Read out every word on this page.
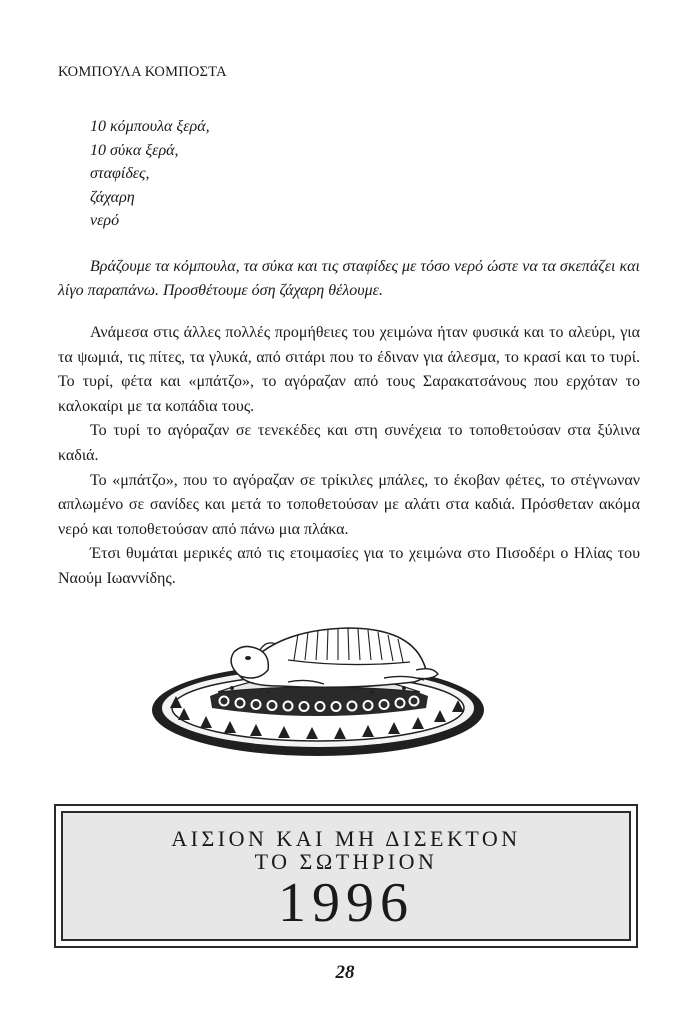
ΚΟΜΠΟΥΛΑ ΚΟΜΠΟΣΤΑ
10 κόμπουλα ξερά,
10 σύκα ξερά,
σταφίδες,
ζάχαρη
νερό

Βράζουμε τα κόμπουλα, τα σύκα και τις σταφίδες με τόσο νερό ώστε να τα σκεπάζει και λίγο παραπάνω. Προσθέτουμε όση ζάχαρη θέλουμε.

Ανάμεσα στις άλλες πολλές προμήθειες του χειμώνα ήταν φυσικά και το αλεύρι, για τα ψωμιά, τις πίτες, τα γλυκά, από σιτάρι που το έδιναν για άλεσμα, το κρασί και το τυρί. Το τυρί, φέτα και «μπάτζο», το αγόραζαν από τους Σαρακατσάνους που ερχόταν το καλοκαίρι με τα κοπάδια τους.

Το τυρί το αγόραζαν σε τενεκέδες και στη συνέχεια το τοποθετούσαν στα ξύλινα καδιά.

Το «μπάτζο», που το αγόραζαν σε τρίκιλες μπάλες, το έκοβαν φέτες, το στέγνωναν απλωμένο σε σανίδες και μετά το τοποθετούσαν με αλάτι στα καδιά. Πρόσθεταν ακόμα νερό και τοποθετούσαν από πάνω μια πλάκα.

Έτσι θυμάται μερικές από τις ετοιμασίες για το χειμώνα στο Πισοδέρι ο Ηλίας του Ναούμ Ιωαννίδης.

ΑΙΣΙΟΝ ΚΑΙ ΜΗ ΔΙΣΕΚΤΟΝ
ΤΟ ΣΩΤΗΡΙΟΝ
1996
28
